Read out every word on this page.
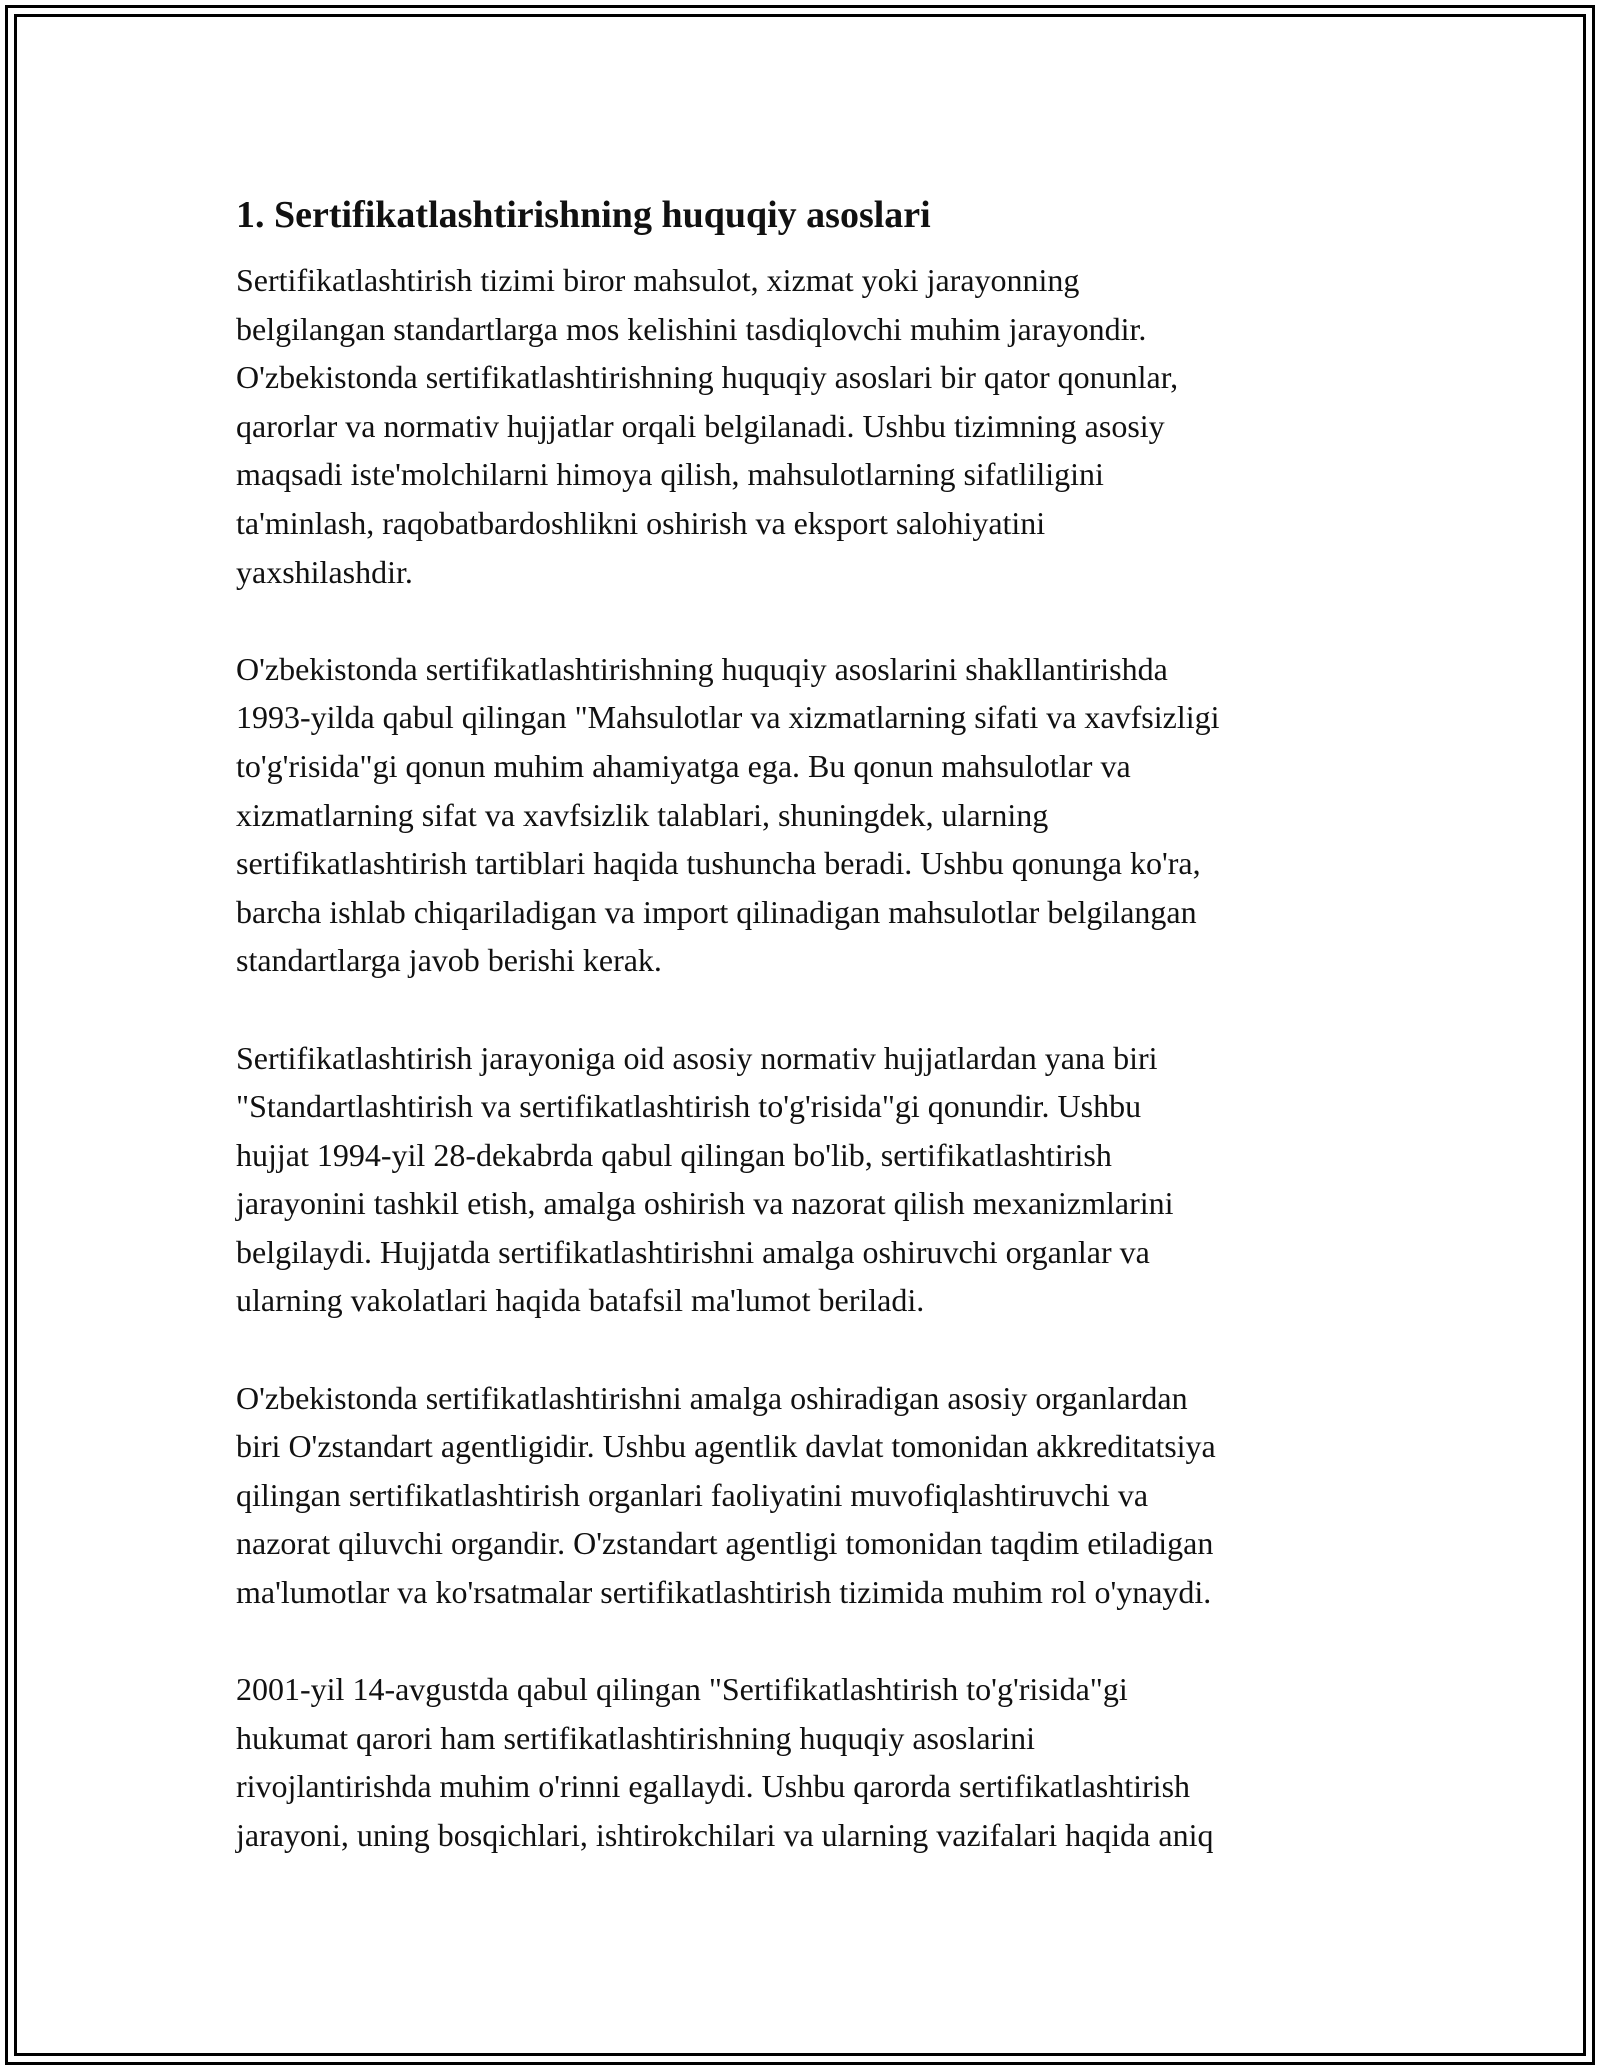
1. Sertifikatlashtirishning huquqiy asoslari

Sertifikatlashtirish tizimi biror mahsulot, xizmat yoki jarayonning
belgilangan standartlarga mos kelishini tasdiqlovchi muhim jarayondir.
O'zbekistonda sertifikatlashtirishning huquqiy asoslari bir qator qonunlar,
qarorlar va normativ hujjatlar orqali belgilanadi. Ushbu tizimning asosiy
maqsadi iste'molchilarni himoya qilish, mahsulotlarning sifatliligini
ta'minlash, raqobatbardoshlikni oshirish va eksport salohiyatini
yaxshilashdir.

O'zbekistonda sertifikatlashtirishning huquqiy asoslarini shakllantirishda
1993-yilda qabul qilingan "Mahsulotlar va xizmatlarning sifati va xavfsizligi
to'g'risida"gi qonun muhim ahamiyatga ega. Bu qonun mahsulotlar va
xizmatlarning sifat va xavfsizlik talablari, shuningdek, ularning
sertifikatlashtirish tartiblari haqida tushuncha beradi. Ushbu qonunga ko'ra,
barcha ishlab chiqariladigan va import qilinadigan mahsulotlar belgilangan
standartlarga javob berishi kerak.

Sertifikatlashtirish jarayoniga oid asosiy normativ hujjatlardan yana biri
"Standartlashtirish va sertifikatlashtirish to'g'risida"gi qonundir. Ushbu
hujjat 1994-yil 28-dekabrda qabul qilingan bo'lib, sertifikatlashtirish
jarayonini tashkil etish, amalga oshirish va nazorat qilish mexanizmlarini
belgilaydi. Hujjatda sertifikatlashtirishni amalga oshiruvchi organlar va
ularning vakolatlari haqida batafsil ma'lumot beriladi.

O'zbekistonda sertifikatlashtirishni amalga oshiradigan asosiy organlardan
biri O'zstandart agentligidir. Ushbu agentlik davlat tomonidan akkreditatsiya
qilingan sertifikatlashtirish organlari faoliyatini muvofiqlashtiruvchi va
nazorat qiluvchi organdir. O'zstandart agentligi tomonidan taqdim etiladigan
ma'lumotlar va ko'rsatmalar sertifikatlashtirish tizimida muhim rol o'ynaydi.

2001-yil 14-avgustda qabul qilingan "Sertifikatlashtirish to'g'risida"gi
hukumat qarori ham sertifikatlashtirishning huquqiy asoslarini
rivojlantirishda muhim o'rinni egallaydi. Ushbu qarorda sertifikatlashtirish
jarayoni, uning bosqichlari, ishtirokchilari va ularning vazifalari haqida aniq
